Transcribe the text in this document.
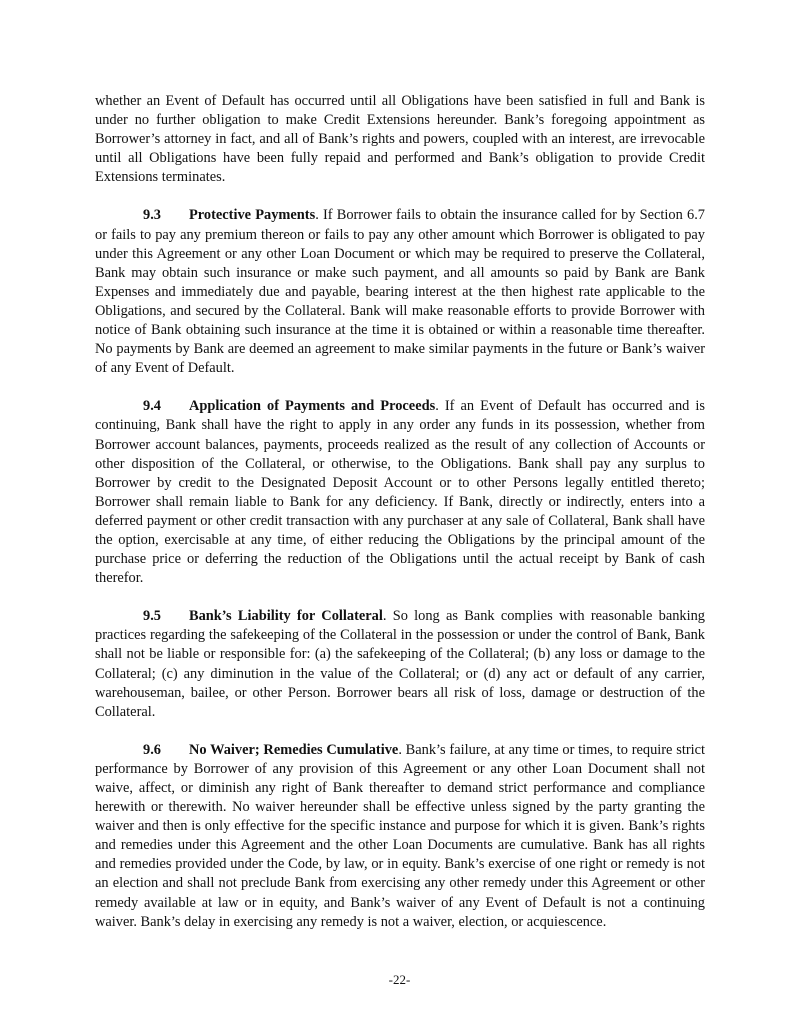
whether an Event of Default has occurred until all Obligations have been satisfied in full and Bank is under no further obligation to make Credit Extensions hereunder. Bank’s foregoing appointment as Borrower’s attorney in fact, and all of Bank’s rights and powers, coupled with an interest, are irrevocable until all Obligations have been fully repaid and performed and Bank’s obligation to provide Credit Extensions terminates.

9.3 Protective Payments. If Borrower fails to obtain the insurance called for by Section 6.7 or fails to pay any premium thereon or fails to pay any other amount which Borrower is obligated to pay under this Agreement or any other Loan Document or which may be required to preserve the Collateral, Bank may obtain such insurance or make such payment, and all amounts so paid by Bank are Bank Expenses and immediately due and payable, bearing interest at the then highest rate applicable to the Obligations, and secured by the Collateral. Bank will make reasonable efforts to provide Borrower with notice of Bank obtaining such insurance at the time it is obtained or within a reasonable time thereafter. No payments by Bank are deemed an agreement to make similar payments in the future or Bank’s waiver of any Event of Default.

9.4 Application of Payments and Proceeds. If an Event of Default has occurred and is continuing, Bank shall have the right to apply in any order any funds in its possession, whether from Borrower account balances, payments, proceeds realized as the result of any collection of Accounts or other disposition of the Collateral, or otherwise, to the Obligations. Bank shall pay any surplus to Borrower by credit to the Designated Deposit Account or to other Persons legally entitled thereto; Borrower shall remain liable to Bank for any deficiency. If Bank, directly or indirectly, enters into a deferred payment or other credit transaction with any purchaser at any sale of Collateral, Bank shall have the option, exercisable at any time, of either reducing the Obligations by the principal amount of the purchase price or deferring the reduction of the Obligations until the actual receipt by Bank of cash therefor.

9.5 Bank’s Liability for Collateral. So long as Bank complies with reasonable banking practices regarding the safekeeping of the Collateral in the possession or under the control of Bank, Bank shall not be liable or responsible for: (a) the safekeeping of the Collateral; (b) any loss or damage to the Collateral; (c) any diminution in the value of the Collateral; or (d) any act or default of any carrier, warehouseman, bailee, or other Person. Borrower bears all risk of loss, damage or destruction of the Collateral.

9.6 No Waiver; Remedies Cumulative. Bank’s failure, at any time or times, to require strict performance by Borrower of any provision of this Agreement or any other Loan Document shall not waive, affect, or diminish any right of Bank thereafter to demand strict performance and compliance herewith or therewith. No waiver hereunder shall be effective unless signed by the party granting the waiver and then is only effective for the specific instance and purpose for which it is given. Bank’s rights and remedies under this Agreement and the other Loan Documents are cumulative. Bank has all rights and remedies provided under the Code, by law, or in equity. Bank’s exercise of one right or remedy is not an election and shall not preclude Bank from exercising any other remedy under this Agreement or other remedy available at law or in equity, and Bank’s waiver of any Event of Default is not a continuing waiver. Bank’s delay in exercising any remedy is not a waiver, election, or acquiescence.

-22-
